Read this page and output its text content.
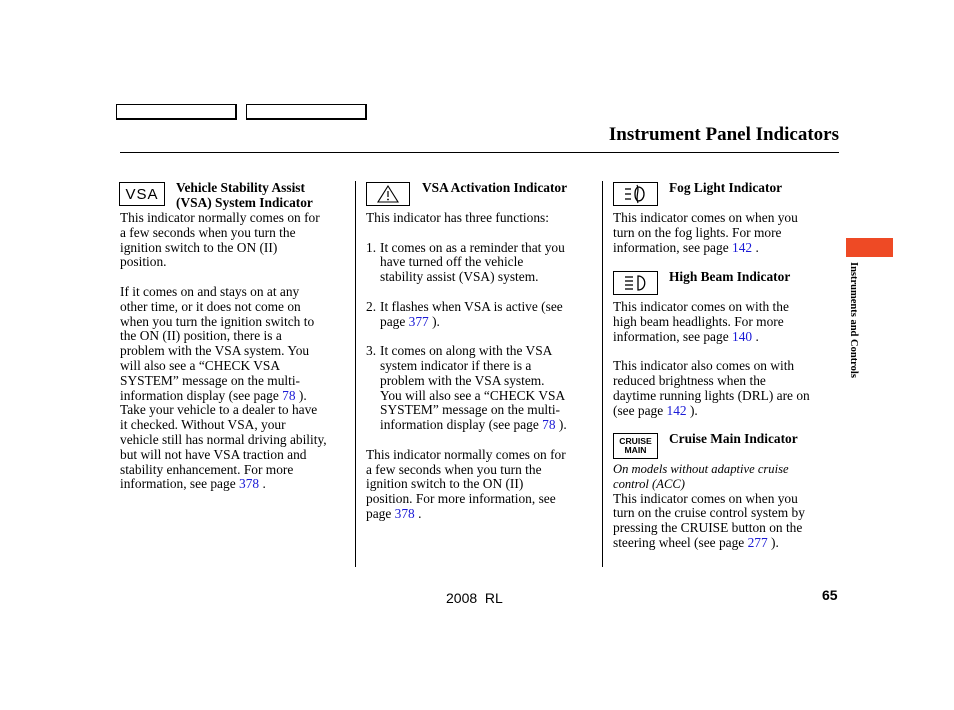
Instrument Panel Indicators
VSA Vehicle Stability Assist
(VSA) System Indicator
This indicator normally comes on for
a few seconds when you turn the
ignition switch to the ON (II)
position.
If it comes on and stays on at any
other time, or it does not come on
when you turn the ignition switch to
the ON (II) position, there is a
problem with the VSA system. You
will also see a “CHECK VSA
SYSTEM” message on the multi-
information display (see page 78 ).
Take your vehicle to a dealer to have
it checked. Without VSA, your
vehicle still has normal driving ability,
but will not have VSA traction and
stability enhancement. For more
information, see page 378 .
VSA Activation Indicator
This indicator has three functions:
1. It comes on as a reminder that you
have turned off the vehicle
stability assist (VSA) system.
2. It flashes when VSA is active (see
page 377 ).
3. It comes on along with the VSA
system indicator if there is a
problem with the VSA system.
You will also see a “CHECK VSA
SYSTEM” message on the multi-
information display (see page 78 ).
This indicator normally comes on for
a few seconds when you turn the
ignition switch to the ON (II)
position. For more information, see
page 378 .
Fog Light Indicator
This indicator comes on when you
turn on the fog lights. For more
information, see page 142 .
High Beam Indicator
This indicator comes on with the
high beam headlights. For more
information, see page 140 .
This indicator also comes on with
reduced brightness when the
daytime running lights (DRL) are on
(see page 142 ).
CRUISE
MAIN
Cruise Main Indicator
On models without adaptive cruise
control (ACC)
This indicator comes on when you
turn on the cruise control system by
pressing the CRUISE button on the
steering wheel (see page 277 ).
Instruments and Controls
2008  RL	65
